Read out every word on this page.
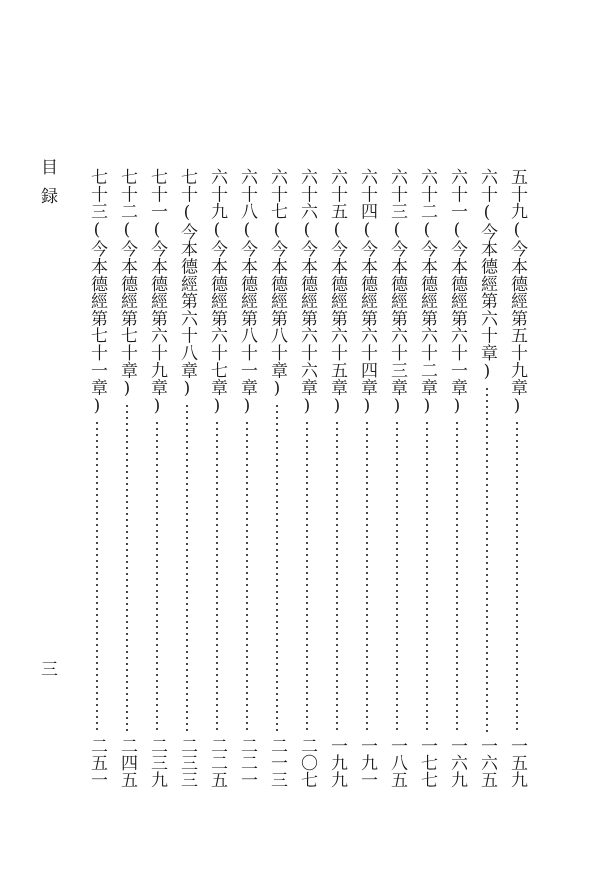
目録
三
五十九(今本德經第五十九章)
一五九
六十(今本德經第六十章)
一六五
六十一(今本德經第六十一章)
一六九
六十二(今本德經第六十二章)
一七七
六十三(今本德經第六十三章)
一八五
六十四(今本德經第六十四章)
一九一
六十五(今本德經第六十五章)
一九九
六十六(今本德經第六十六章)
二〇七
六十七(今本德經第八十章)
二一三
六十八(今本德經第八十一章)
二二一
六十九(今本德經第六十七章)
二二五
七十(今本德經第六十八章)
二三三
七十一(今本德經第六十九章)
二三九
七十二(今本德經第七十章)
二四五
七十三(今本德經第七十一章)
二五一
